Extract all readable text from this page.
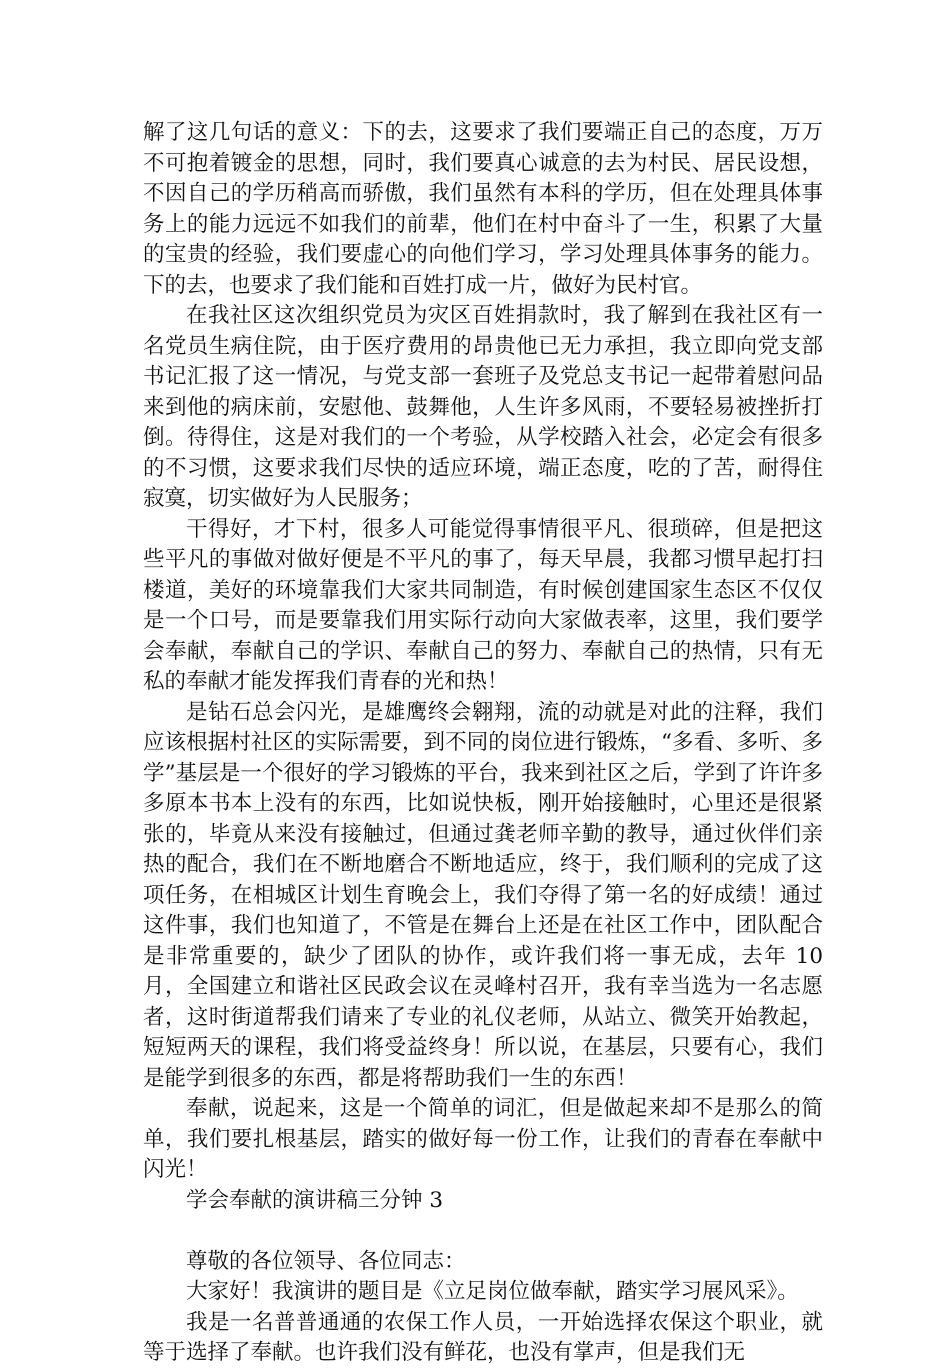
解了这几句话的意义：下的去，这要求了我们要端正自己的态度，万万不可抱着镀金的思想，同时，我们要真心诚意的去为村民、居民设想，不因自己的学历稍高而骄傲，我们虽然有本科的学历，但在处理具体事务上的能力远远不如我们的前辈，他们在村中奋斗了一生，积累了大量的宝贵的经验，我们要虚心的向他们学习，学习处理具体事务的能力。下的去，也要求了我们能和百姓打成一片，做好为民村官。

在我社区这次组织党员为灾区百姓捐款时，我了解到在我社区有一名党员生病住院，由于医疗费用的昂贵他已无力承担，我立即向党支部书记汇报了这一情况，与党支部一套班子及党总支书记一起带着慰问品来到他的病床前，安慰他、鼓舞他，人生许多风雨，不要轻易被挫折打倒。待得住，这是对我们的一个考验，从学校踏入社会，必定会有很多的不习惯，这要求我们尽快的适应环境，端正态度，吃的了苦，耐得住寂寞，切实做好为人民服务；

干得好，才下村，很多人可能觉得事情很平凡、很琐碎，但是把这些平凡的事做对做好便是不平凡的事了，每天早晨，我都习惯早起打扫楼道，美好的环境靠我们大家共同制造，有时候创建国家生态区不仅仅是一个口号，而是要靠我们用实际行动向大家做表率，这里，我们要学会奉献，奉献自己的学识、奉献自己的努力、奉献自己的热情，只有无私的奉献才能发挥我们青春的光和热！

是钻石总会闪光，是雄鹰终会翱翔，流的动就是对此的注释，我们应该根据村社区的实际需要，到不同的岗位进行锻炼，“多看、多听、多学”基层是一个很好的学习锻炼的平台，我来到社区之后，学到了许许多多原本书本上没有的东西，比如说快板，刚开始接触时，心里还是很紧张的，毕竟从来没有接触过，但通过龚老师辛勤的教导，通过伙伴们亲热的配合，我们在不断地磨合不断地适应，终于，我们顺利的完成了这项任务，在相城区计划生育晚会上，我们夺得了第一名的好成绩！通过这件事，我们也知道了，不管是在舞台上还是在社区工作中，团队配合是非常重要的，缺少了团队的协作，或许我们将一事无成，去年 10 月，全国建立和谐社区民政会议在灵峰村召开，我有幸当选为一名志愿者，这时街道帮我们请来了专业的礼仪老师，从站立、微笑开始教起，短短两天的课程，我们将受益终身！所以说，在基层，只要有心，我们是能学到很多的东西，都是将帮助我们一生的东西！

奉献，说起来，这是一个简单的词汇，但是做起来却不是那么的简单，我们要扎根基层，踏实的做好每一份工作，让我们的青春在奉献中闪光！

学会奉献的演讲稿三分钟 3

尊敬的各位领导、各位同志：

大家好！我演讲的题目是《立足岗位做奉献，踏实学习展风采》。

我是一名普普通通的农保工作人员，一开始选择农保这个职业，就等于选择了奉献。也许我们没有鲜花，也没有掌声，但是我们无
